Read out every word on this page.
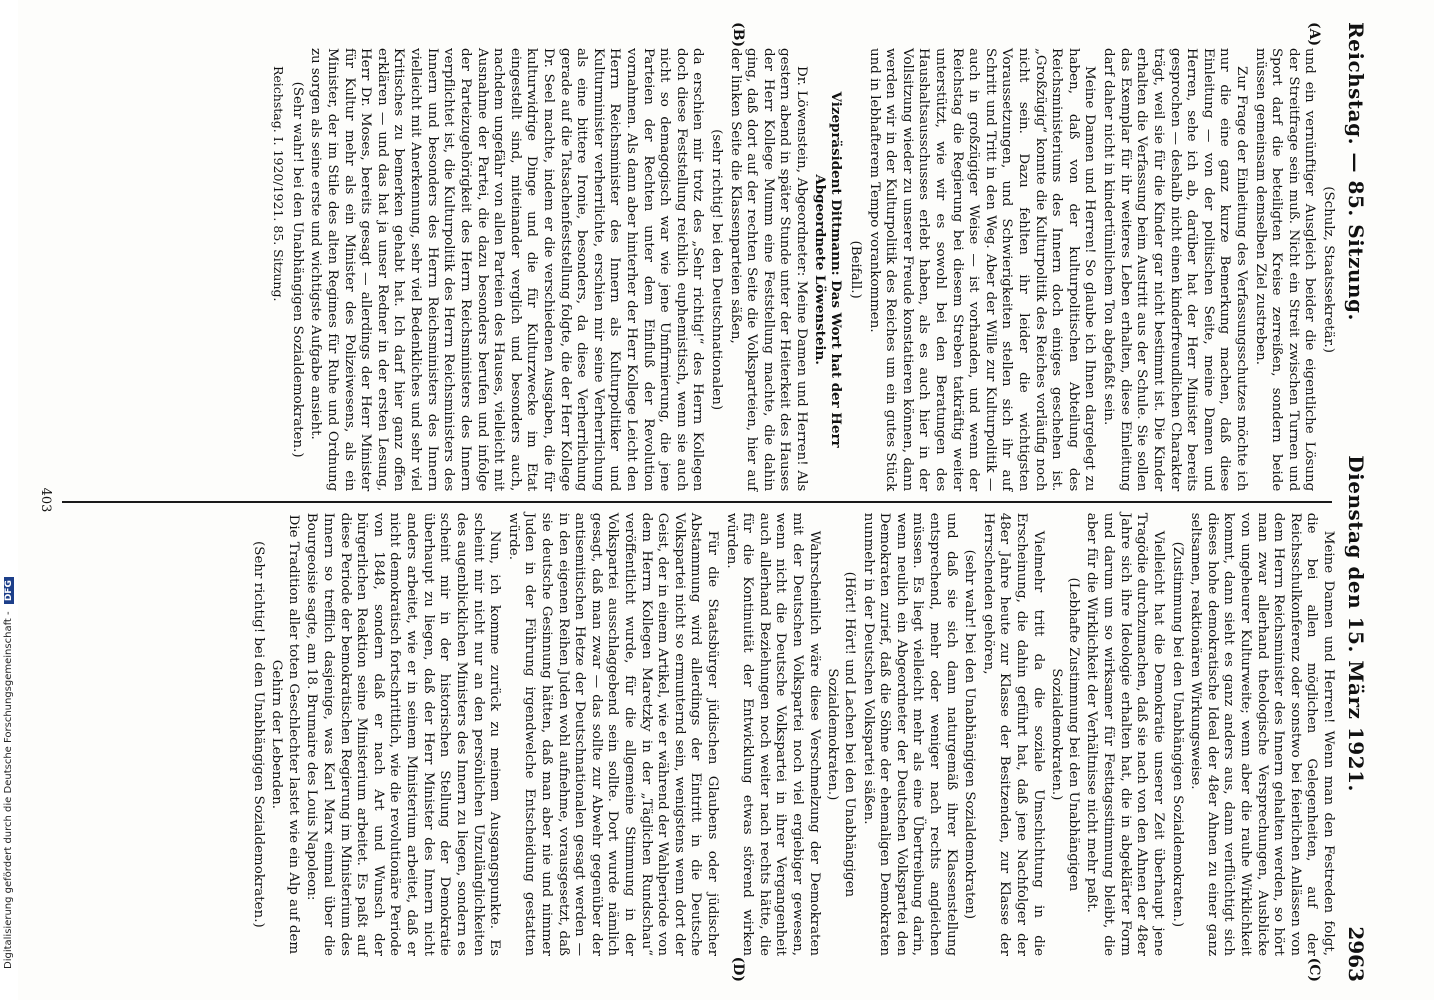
Digitalisierung gefördert durch die Deutsche Forschungsgemeinschaft - DFG
Reichstag. — 85. Sitzung.
Dienstag den 15. März 1921.
2963
(A)
(B)

(Schulz, Staatssekretär.)

und ein vernünftiger Ausgleich beider die eigentliche Lösung der Streitfrage sein muß. Nicht ein Streit zwischen Turnen und Sport darf die beteiligten Kreise zerreißen, sondern beide müssen gemeinsam demselben Ziel zustreben.

Zur Frage der Einleitung des Verfassungsschutzes möchte ich nur die eine ganz kurze Bemerkung machen, daß diese Einleitung — von der politischen Seite, meine Damen und Herren, sehe ich ab, darüber hat der Herr Minister bereits gesprochen — deshalb nicht einen kinderfreundlichen Charakter trägt, weil sie für die Kinder gar nicht bestimmt ist. Die Kinder erhalten die Verfassung beim Austritt aus der Schule. Sie sollen das Exemplar für ihr weiteres Leben erhalten, diese Einleitung darf daher nicht in kindertümlichem Ton abgefaßt sein.

Meine Damen und Herren! So glaube ich Ihnen dargelegt zu haben, daß von der kulturpolitischen Abteilung des Reichsministeriums des Innern doch einiges geschehen ist. „Großzügig“ konnte die Kulturpolitik des Reiches vorläufig noch nicht sein. Dazu fehlten ihr leider die wichtigsten Voraussetzungen, und Schwierigkeiten stellen sich ihr auf Schritt und Tritt in den Weg. Aber der Wille zur Kulturpolitik — auch in großzügiger Weise — ist vorhanden, und wenn der Reichstag die Regierung bei diesem Streben tatkräftig weiter unterstützt, wie wir es sowohl bei den Beratungen des Haushaltsausschusses erlebt haben, als es auch hier in der Vollsitzung wieder zu unserer Freude konstatieren können, dann werden wir in der Kulturpolitik des Reiches um ein gutes Stück und in lebhafterem Tempo vorankommen.

(Beifall.)

Vizepräsident Dittmann: Das Wort hat der Herr Abgeordnete Löwenstein.

Dr. Löwenstein, Abgeordneter: Meine Damen und Herren! Als gestern abend in später Stunde unter der Heiterkeit des Hauses der Herr Kollege Mumm eine Feststellung machte, die dahin ging, daß dort auf der rechten Seite die Volksparteien, hier auf der linken Seite die Klassenparteien säßen,

(sehr richtig! bei den Deutschnationalen)

da erschien mir trotz des „Sehr richtig!“ des Herrn Kollegen doch diese Feststellung reichlich euphemistisch, wenn sie auch nicht so demagogisch war wie jene Umfirmierung, die jene Parteien der Rechten unter dem Einfluß der Revolution vornahmen. Als dann aber hinterher der Herr Kollege Leicht den Herrn Reichsminister des Innern als Kulturpolitiker und Kulturminister verherrlichte, erschien mir seine Verherrlichung als eine bittere Ironie, besonders, da diese Verherrlichung gerade auf die Tatsachenfeststellung folgte, die der Herr Kollege Dr. Seel machte, indem er die verschiedenen Ausgaben, die für kulturwidrige Dinge und die für Kulturzwecke im Etat eingestellt sind, miteinander verglich und besonders auch, nachdem ungefähr von allen Parteien des Hauses, vielleicht mit Ausnahme der Partei, die dazu besonders berufen und infolge der Parteizugehörigkeit des Herrn Reichsministers des Innern verpflichtet ist, die Kulturpolitik des Herrn Reichsministers des Innern und besonders des Herrn Reichsministers des Innern vielleicht mit Anerkennung, sehr viel Bedenkliches und sehr viel Kritisches zu bemerken gehabt hat. Ich darf hier ganz offen erklären — und das hat ja unser Redner in der ersten Lesung, Herr Dr. Moses, bereits gesagt — allerdings der Herr Minister für Kultur mehr als ein Minister des Polizeiwesens, als ein Minister, der im Stile des alten Regimes für Ruhe und Ordnung zu sorgen als seine erste und wichtigste Aufgabe ansieht.

(Sehr wahr! bei den Unabhängigen Sozialdemokraten.)

Reichstag. I. 1920/1921. 85. Sitzung.

(C)
(D)

Meine Damen und Herren! Wenn man den Festreden folgt, die bei allen möglichen Gelegenheiten, auf der Reichsschulkonferenz oder sonstwo bei feierlichen Anlässen von dem Herrn Reichsminister des Innern gehalten werden, so hört man zwar allerhand theologische Versprechungen, Ausblicke von ungeheurer Kulturweite; wenn aber die rauhe Wirklichkeit kommt, dann sieht es ganz anders aus, dann verflüchtigt sich dieses hohe demokratische Ideal der 48er Ahnen zu einer ganz seltsamen, reaktionären Wirkungsweise.

(Zustimmung bei den Unabhängigen Sozialdemokraten.)

Vielleicht hat die Demokratie unserer Zeit überhaupt jene Tragödie durchzumachen, daß sie nach von den Ahnen der 48er Jahre sich ihre Ideologie erhalten hat, die in abgeklärter Form und darum um so wirksamer für Festtagsstimmung bleibt, die aber für die Wirklichkeit der Verhältnisse nicht mehr paßt.

(Lebhafte Zustimmung bei den Unabhängigen Sozialdemokraten.)

Vielmehr tritt da die soziale Umschichtung in die Erscheinung, die dahin geführt hat, daß jene Nachfolger der 48er Jahre heute zur Klasse der Besitzenden, zur Klasse der Herrschenden gehören,

(sehr wahr! bei den Unabhängigen Sozialdemokraten)

und daß sie sich dann naturgemäß ihrer Klassenstellung entsprechend, mehr oder weniger nach rechts angleichen müssen. Es liegt vielleicht mehr als eine Übertreibung darin, wenn neulich ein Abgeordneter der Deutschen Volkspartei den Demokraten zurief, daß die Söhne der ehemaligen Demokraten nunmehr in der Deutschen Volkspartei säßen.

(Hört! Hört! und Lachen bei den Unabhängigen Sozialdemokraten.)

Wahrscheinlich wäre diese Verschmelzung der Demokraten mit der Deutschen Volkspartei noch viel ergiebiger gewesen, wenn nicht die Deutsche Volkspartei in ihrer Vergangenheit auch allerhand Beziehungen noch weiter nach rechts hätte, die für die Kontinuität der Entwicklung etwas störend wirken würden.

Für die Staatsbürger jüdischen Glaubens oder jüdischer Abstammung wird allerdings der Eintritt in die Deutsche Volkspartei nicht so ermunternd sein, wenigstens wenn dort der Geist, der in einem Artikel, wie er während der Wahlperiode von dem Herrn Kollegen Maretzky in der „Täglichen Rundschau“ veröffentlicht wurde, für die allgemeine Stimmung in der Volkspartei ausschlaggebend sein sollte. Dort wurde nämlich gesagt, daß man zwar — das sollte zur Abwehr gegenüber der antisemitischen Hetze der Deutschnationalen gesagt werden — in den eigenen Reihen Juden wohl aufnehme, vorausgesetzt, daß sie deutsche Gesinnung hätten, daß man aber nie und nimmer Juden in der Führung irgendwelche Entscheidung gestatten würde.

Nun, ich komme zurück zu meinem Ausgangspunkte. Es scheint mir nicht nur an den persönlichen Unzulänglichkeiten des augenblicklichen Ministers des Innern zu liegen, sondern es scheint mir in der historischen Stellung der Demokratie überhaupt zu liegen, daß der Herr Minister des Innern nicht anders arbeitet, wie er in seinem Ministerium arbeitet, daß er nicht demokratisch fortschrittlich, wie die revolutionäre Periode von 1848, sondern daß er nach Art und Wunsch der bürgerlichen Reaktion seine Ministerium arbeitet. Es paßt auf diese Periode der bemokratischen Regierung im Ministerium des Innern so trefflich dasjenige, was Karl Marx einmal über die Bourgeoisie sagte, am 18. Brumaire des Louis Napoleon:

Die Tradition aller toten Geschlechter lastet wie ein Alp auf dem Gehirn der Lebenden.

(Sehr richtig! bei den Unabhängigen Sozialdemokraten.)

403
